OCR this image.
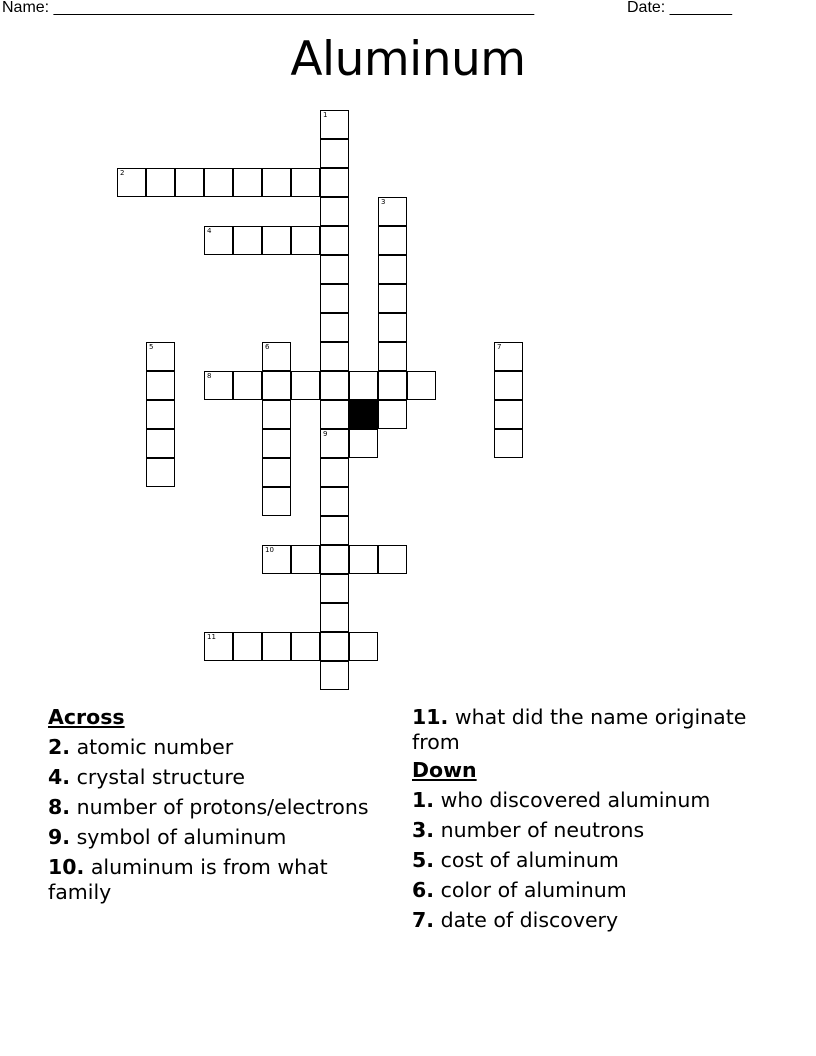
Name: ______________________________________________________	Date: _______
Aluminum
1
2
3
4
5	6	7
8
9
10
11
Across
2. atomic number
4. crystal structure
8. number of protons/electrons
9. symbol of aluminum
10. aluminum is from what family
11. what did the name originate from
Down
1. who discovered aluminum
3. number of neutrons
5. cost of aluminum
6. color of aluminum
7. date of discovery
